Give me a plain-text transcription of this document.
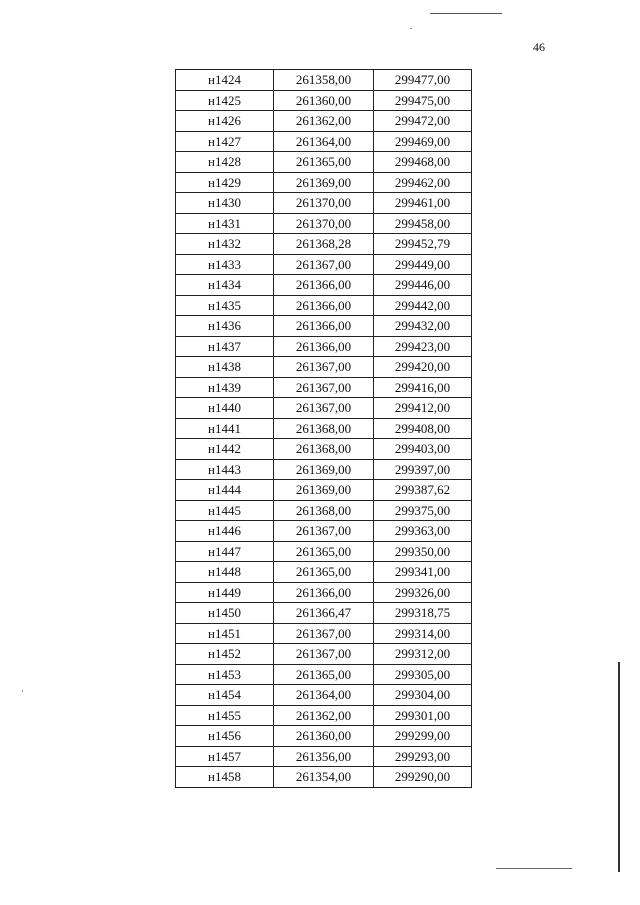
46
н1424	261358,00	299477,00
н1425	261360,00	299475,00
н1426	261362,00	299472,00
н1427	261364,00	299469,00
н1428	261365,00	299468,00
н1429	261369,00	299462,00
н1430	261370,00	299461,00
н1431	261370,00	299458,00
н1432	261368,28	299452,79
н1433	261367,00	299449,00
н1434	261366,00	299446,00
н1435	261366,00	299442,00
н1436	261366,00	299432,00
н1437	261366,00	299423,00
н1438	261367,00	299420,00
н1439	261367,00	299416,00
н1440	261367,00	299412,00
н1441	261368,00	299408,00
н1442	261368,00	299403,00
н1443	261369,00	299397,00
н1444	261369,00	299387,62
н1445	261368,00	299375,00
н1446	261367,00	299363,00
н1447	261365,00	299350,00
н1448	261365,00	299341,00
н1449	261366,00	299326,00
н1450	261366,47	299318,75
н1451	261367,00	299314,00
н1452	261367,00	299312,00
н1453	261365,00	299305,00
н1454	261364,00	299304,00
н1455	261362,00	299301,00
н1456	261360,00	299299,00
н1457	261356,00	299293,00
н1458	261354,00	299290,00
